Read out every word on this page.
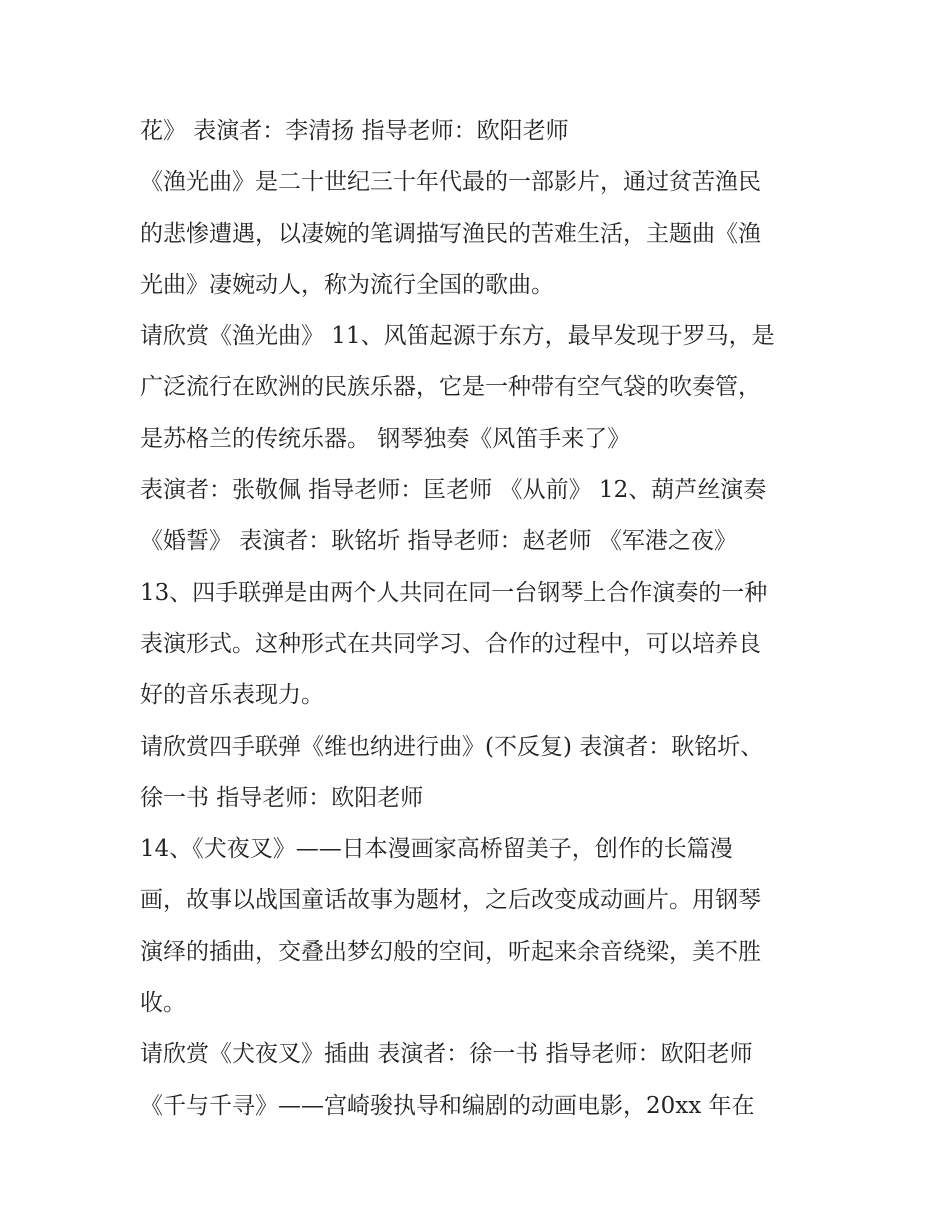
花》 表演者：李清扬 指导老师：欧阳老师
《渔光曲》是二十世纪三十年代最的一部影片，通过贫苦渔民
的悲惨遭遇，以凄婉的笔调描写渔民的苦难生活，主题曲《渔
光曲》凄婉动人，称为流行全国的歌曲。
请欣赏《渔光曲》 11、风笛起源于东方，最早发现于罗马，是
广泛流行在欧洲的民族乐器，它是一种带有空气袋的吹奏管，
是苏格兰的传统乐器。 钢琴独奏《风笛手来了》
表演者：张敬佩 指导老师：匡老师 《从前》 12、葫芦丝演奏
《婚誓》 表演者：耿铭圻 指导老师：赵老师 《军港之夜》
13、四手联弹是由两个人共同在同一台钢琴上合作演奏的一种
表演形式。这种形式在共同学习、合作的过程中，可以培养良
好的音乐表现力。
请欣赏四手联弹《维也纳进行曲》(不反复) 表演者：耿铭圻、
徐一书 指导老师：欧阳老师
14、《犬夜叉》——日本漫画家高桥留美子，创作的长篇漫
画，故事以战国童话故事为题材，之后改变成动画片。用钢琴
演绎的插曲，交叠出梦幻般的空间，听起来余音绕梁，美不胜
收。
请欣赏《犬夜叉》插曲 表演者：徐一书 指导老师：欧阳老师
《千与千寻》——宫崎骏执导和编剧的动画电影，20xx 年在
